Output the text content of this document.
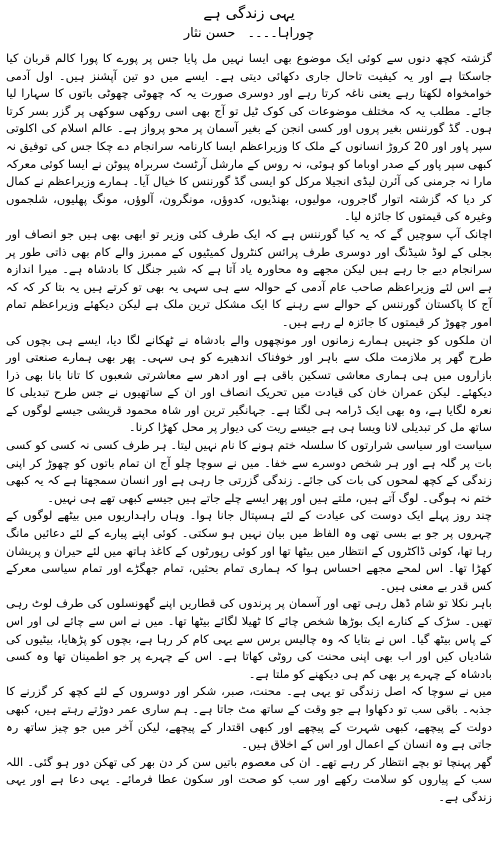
یہی زندگی ہے
چوراہا۔۔۔۔ حسن نثار

گزشتہ کچھ دنوں سے کوئی ایک موضوع بھی ایسا نہیں مل پایا جس پر پورے کا پورا کالم قربان کیا جاسکتا ہے اور یہ کیفیت تاحال جاری دکھائی دیتی ہے۔ ایسے میں دو تین آپشنز ہیں۔ اول آدمی خوامخواہ لکھتا رہے یعنی ناغہ کرتا رہے اور دوسری صورت یہ کہ چھوٹی چھوٹی باتوں کا سہارا لیا جائے۔ مطلب یہ کہ مختلف موضوعات کی کوک ٹیل تو آج بھی اسی روکھی سوکھی پر گزر بسر کرتا ہوں۔ گڈ گورننس بغیر پروں اور کسی انجن کے بغیر آسمان پر محو پرواز ہے۔ عالم اسلام کی اکلوتی سپر پاور اور 20 کروڑ انسانوں کے ملک کا وزیراعظم ایسا کارنامہ سرانجام دے چکا جس کی توفیق نہ کبھی سپر پاور کے صدر اوباما کو ہوئی، نہ روس کے مارشل آرٹسٹ سربراہ پیوٹن نے ایسا کوئی معرکہ مارا نہ جرمنی کی آئرن لیڈی انجیلا مرکل کو ایسی گڈ گورننس کا خیال آیا۔ ہمارے وزیراعظم نے کمال کر دیا کہ گزشتہ اتوار گاجروں، مولیوں، بھنڈیوں، کدوؤں، مونگرون، آلوؤں، مونگ پھلیوں، شلجموں وغیرہ کی قیمتوں کا جائزہ لیا۔

اچانک آپ سوچیں گے کہ یہ کیا گورننس ہے کہ ایک طرف کئی وزیر تو ابھی بھی ہیں جو انصاف اور بجلی کے لوڈ شیڈنگ اور دوسری طرف پرائس کنٹرول کمیٹیوں کے ممبرز والے کام بھی ذاتی طور پر سرانجام دیے جا رہے ہیں لیکن مجھے وہ محاورہ یاد آتا ہے کہ شیر جنگل کا بادشاہ ہے۔ میرا اندازہ ہے اس لئے وزیراعظم صاحب عام آدمی کے حوالہ سے ہی سہی یہ بھی تو کرتے ہیں یہ بتا کر کہ کہ آج کا پاکستان گورننس کے حوالے سے رہنے کا ایک مشکل ترین ملک ہے لیکن دیکھئے وزیراعظم تمام امور چھوڑ کر قیمتوں کا جائزہ لے رہے ہیں۔

ان ملکوں کو جنہیں ہمارے زمانوں اور مونچھوں والے بادشاہ نے ٹھکانے لگا دیا، ایسے ہی بچوں کی طرح گھر پر ملازمت ملک سے باہر اور خوفناک اندھیرے کو ہی سہی۔ پھر بھی ہمارے صنعتی اور بازاروں میں ہی ہماری معاشی تسکین باقی ہے اور ادھر سے معاشرتی شعبوں کا تانا بانا بھی ذرا دیکھئے۔ لیکن عمران خان کی قیادت میں تحریک انصاف اور ان کے ساتھیوں نے جس طرح تبدیلی کا نعرہ لگایا ہے، وہ بھی ایک ڈرامہ ہی لگتا ہے۔ جہانگیر ترین اور شاہ محمود قریشی جیسے لوگوں کے ساتھ مل کر تبدیلی لانا ویسا ہی ہے جیسے ریت کی دیوار پر محل کھڑا کرنا۔

سیاست اور سیاسی شرارتوں کا سلسلہ ختم ہونے کا نام نہیں لیتا۔ ہر طرف کسی نہ کسی کو کسی بات پر گلہ ہے اور ہر شخص دوسرے سے خفا۔ میں نے سوچا چلو آج ان تمام باتوں کو چھوڑ کر اپنی زندگی کے کچھ لمحوں کی بات کی جائے۔ زندگی گزرتی جا رہی ہے اور انسان سمجھتا ہے کہ یہ کبھی ختم نہ ہوگی۔ لوگ آتے ہیں، ملتے ہیں اور پھر ایسے چلے جاتے ہیں جیسے کبھی تھے ہی نہیں۔

چند روز پہلے ایک دوست کی عیادت کے لئے ہسپتال جانا ہوا۔ وہاں راہداریوں میں بیٹھے لوگوں کے چہروں پر جو بے بسی تھی وہ الفاظ میں بیان نہیں ہو سکتی۔ کوئی اپنے پیارے کے لئے دعائیں مانگ رہا تھا، کوئی ڈاکٹروں کے انتظار میں بیٹھا تھا اور کوئی رپورٹوں کے کاغذ ہاتھ میں لئے حیران و پریشان کھڑا تھا۔ اس لمحے مجھے احساس ہوا کہ ہماری تمام بحثیں، تمام جھگڑے اور تمام سیاسی معرکے کس قدر بے معنی ہیں۔

باہر نکلا تو شام ڈھل رہی تھی اور آسمان پر پرندوں کی قطاریں اپنے گھونسلوں کی طرف لوٹ رہی تھیں۔ سڑک کے کنارے ایک بوڑھا شخص چائے کا ٹھیلا لگائے بیٹھا تھا۔ میں نے اس سے چائے لی اور اس کے پاس بیٹھ گیا۔ اس نے بتایا کہ وہ چالیس برس سے یہی کام کر رہا ہے، بچوں کو پڑھایا، بیٹیوں کی شادیاں کیں اور اب بھی اپنی محنت کی روٹی کھاتا ہے۔ اس کے چہرے پر جو اطمینان تھا وہ کسی بادشاہ کے چہرے پر بھی کم ہی دیکھنے کو ملتا ہے۔

میں نے سوچا کہ اصل زندگی تو یہی ہے۔ محنت، صبر، شکر اور دوسروں کے لئے کچھ کر گزرنے کا جذبہ۔ باقی سب تو دکھاوا ہے جو وقت کے ساتھ مٹ جاتا ہے۔ ہم ساری عمر دوڑتے رہتے ہیں، کبھی دولت کے پیچھے، کبھی شہرت کے پیچھے اور کبھی اقتدار کے پیچھے، لیکن آخر میں جو چیز ساتھ رہ جاتی ہے وہ انسان کے اعمال اور اس کے اخلاق ہیں۔

گھر پہنچا تو بچے انتظار کر رہے تھے۔ ان کی معصوم باتیں سن کر دن بھر کی تھکن دور ہو گئی۔ اللہ سب کے پیاروں کو سلامت رکھے اور سب کو صحت اور سکون عطا فرمائے۔ یہی دعا ہے اور یہی زندگی ہے۔
